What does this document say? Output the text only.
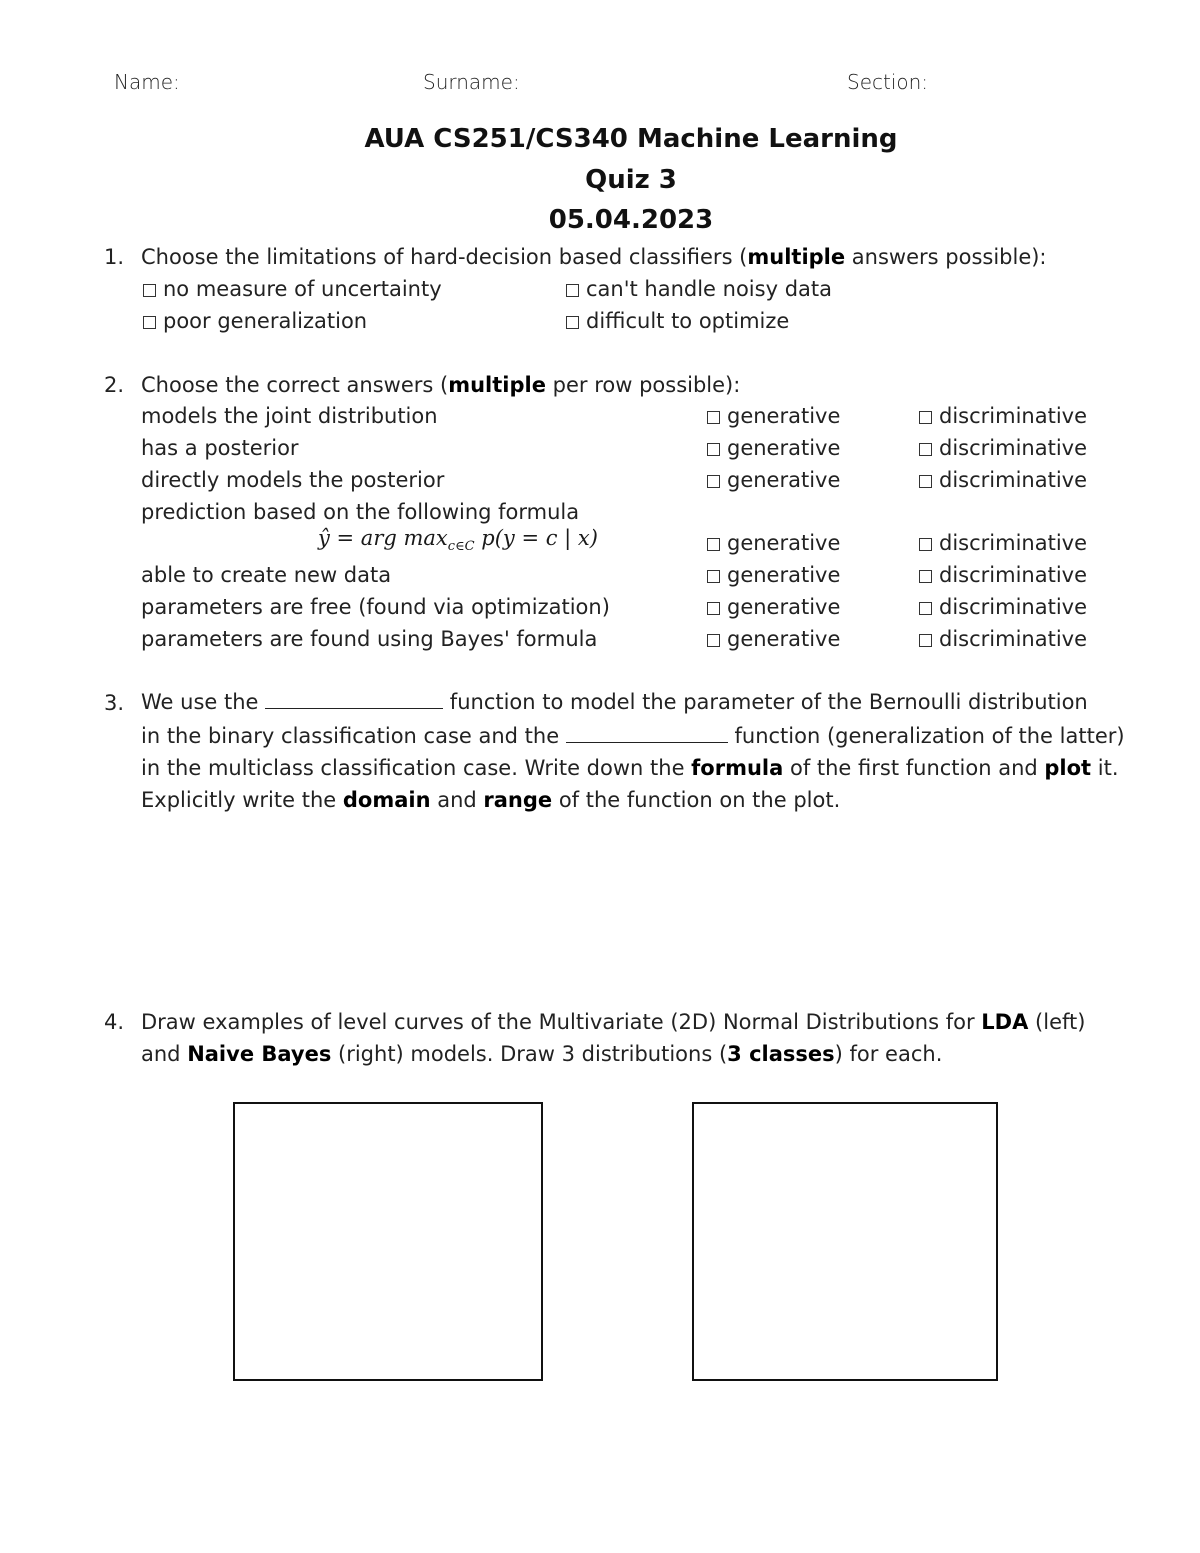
Name:	Surname:	Section:
AUA CS251/CS340 Machine Learning
Quiz 3
05.04.2023
1. Choose the limitations of hard-decision based classifiers (multiple answers possible):
no measure of uncertainty	can't handle noisy data
poor generalization	difficult to optimize
2. Choose the correct answers (multiple per row possible):
models the joint distribution	generative	discriminative
has a posterior	generative	discriminative
directly models the posterior	generative	discriminative
prediction based on the following formula
ŷ = arg $\max_{c\in C} p(y = c$ | x)	generative	discriminative
able to create new data	generative	discriminative
parameters are free (found via optimization)	generative	discriminative
parameters are found using Bayes' formula	generative	discriminative
3. We use the	function to model the parameter of the Bernoulli distribution
in the binary classification case and the	function (generalization of the latter)
in the multiclass classification case. Write down the formula of the first function and plot it.
Explicitly write the domain and range of the function on the plot.
4. Draw examples of level curves of the Multivariate (2D) Normal Distributions for LDA (left)
and Naive Bayes (right) models. Draw 3 distributions (3 classes) for each.
